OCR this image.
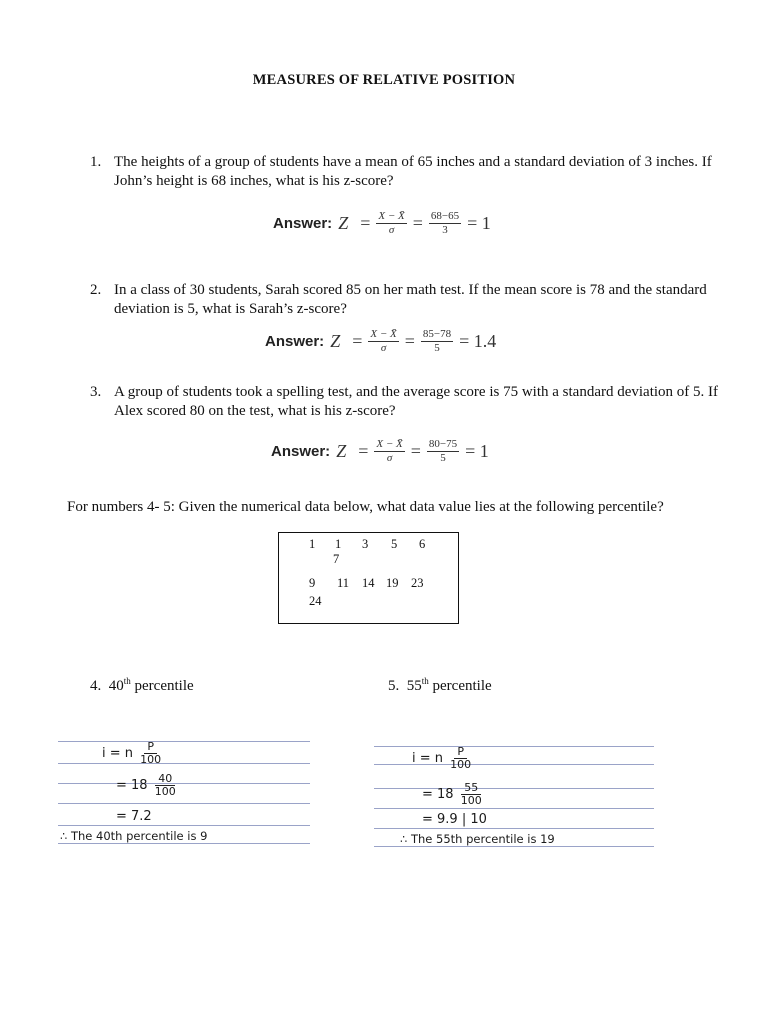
MEASURES OF RELATIVE POSITION
1. The heights of a group of students have a mean of 65 inches and a standard deviation of 3 inches. If John’s height is 68 inches, what is his z-score?
Answer: $Z = \frac{X - X̄}{\sigma} = \frac{68-65}{3} = 1$
2. In a class of 30 students, Sarah scored 85 on her math test. If the mean score is 78 and the standard deviation is 5, what is Sarah’s z-score?
Answer: $Z = \frac{X - X̄}{\sigma} = \frac{85-78}{5} = 1.4$
3. A group of students took a spelling test, and the average score is 75 with a standard deviation of 5. If Alex scored 80 on the test, what is his z-score?
Answer: $Z = \frac{X - X̄}{\sigma} = \frac{80-75}{5} = 1$
For numbers 4- 5: Given the numerical data below, what data value lies at the following percentile?
1 1 3 5 6
7
9 11 14 19 23
24
4. 40th percentile	5. 55th percentile
i = n $\frac{P}{100}$
= $18 \frac{40}{100}$
= 7.2
∴ The 40th percentile is 9
i = n $\frac{P}{100}$
= $18 \frac{55}{100}$
= 9.9 | 10
∴ The 55th percentile is 19
